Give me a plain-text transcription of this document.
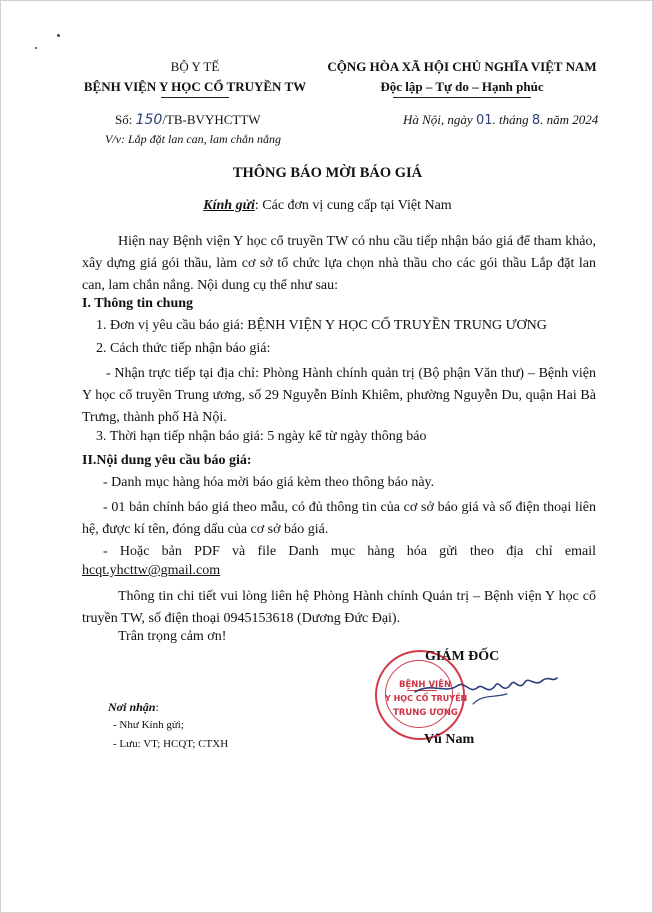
BỘ Y TẾ
BỆNH VIỆN Y HỌC CỔ TRUYỀN TW
CỘNG HÒA XÃ HỘI CHỦ NGHĨA VIỆT NAM
Độc lập – Tự do – Hạnh phúc
Số: 150/TB-BVYHCTTW
V/v: Lắp đặt lan can, lam chắn nắng
Hà Nội, ngày 01. tháng 8. năm 2024
THÔNG BÁO MỜI BÁO GIÁ
Kính gửi: Các đơn vị cung cấp tại Việt Nam
Hiện nay Bệnh viện Y học cổ truyền TW có nhu cầu tiếp nhận báo giá để tham khảo, xây dựng giá gói thầu, làm cơ sở tổ chức lựa chọn nhà thầu cho các gói thầu Lắp đặt lan can, lam chắn nắng. Nội dung cụ thể như sau:
I. Thông tin chung
1. Đơn vị yêu cầu báo giá: BỆNH VIỆN Y HỌC CỔ TRUYỀN TRUNG ƯƠNG
2. Cách thức tiếp nhận báo giá:
- Nhận trực tiếp tại địa chỉ: Phòng Hành chính quản trị (Bộ phận Văn thư) – Bệnh viện Y học cổ truyền Trung ương, số 29 Nguyễn Bỉnh Khiêm, phường Nguyễn Du, quận Hai Bà Trưng, thành phố Hà Nội.
3. Thời hạn tiếp nhận báo giá: 5 ngày kể từ ngày thông báo
II.Nội dung yêu cầu báo giá:
- Danh mục hàng hóa mời báo giá kèm theo thông báo này.
- 01 bản chính báo giá theo mẫu, có đủ thông tin của cơ sở báo giá và số điện thoại liên hệ, được kí tên, đóng dấu của cơ sở báo giá.
- Hoặc bản PDF và file Danh mục hàng hóa gửi theo địa chỉ email
hcqt.yhcttw@gmail.com
Thông tin chi tiết vui lòng liên hệ Phòng Hành chính Quản trị – Bệnh viện Y học cổ truyền TW, số điện thoại 0945153618 (Dương Đức Đại).
Trân trọng cảm ơn!
Nơi nhận:
- Như Kính gửi;
- Lưu: VT; HCQT; CTXH
BỆNH VIỆN
Y HỌC CỔ TRUYỀN
TRUNG ƯƠNG
GIÁM ĐỐC
Vũ Nam
